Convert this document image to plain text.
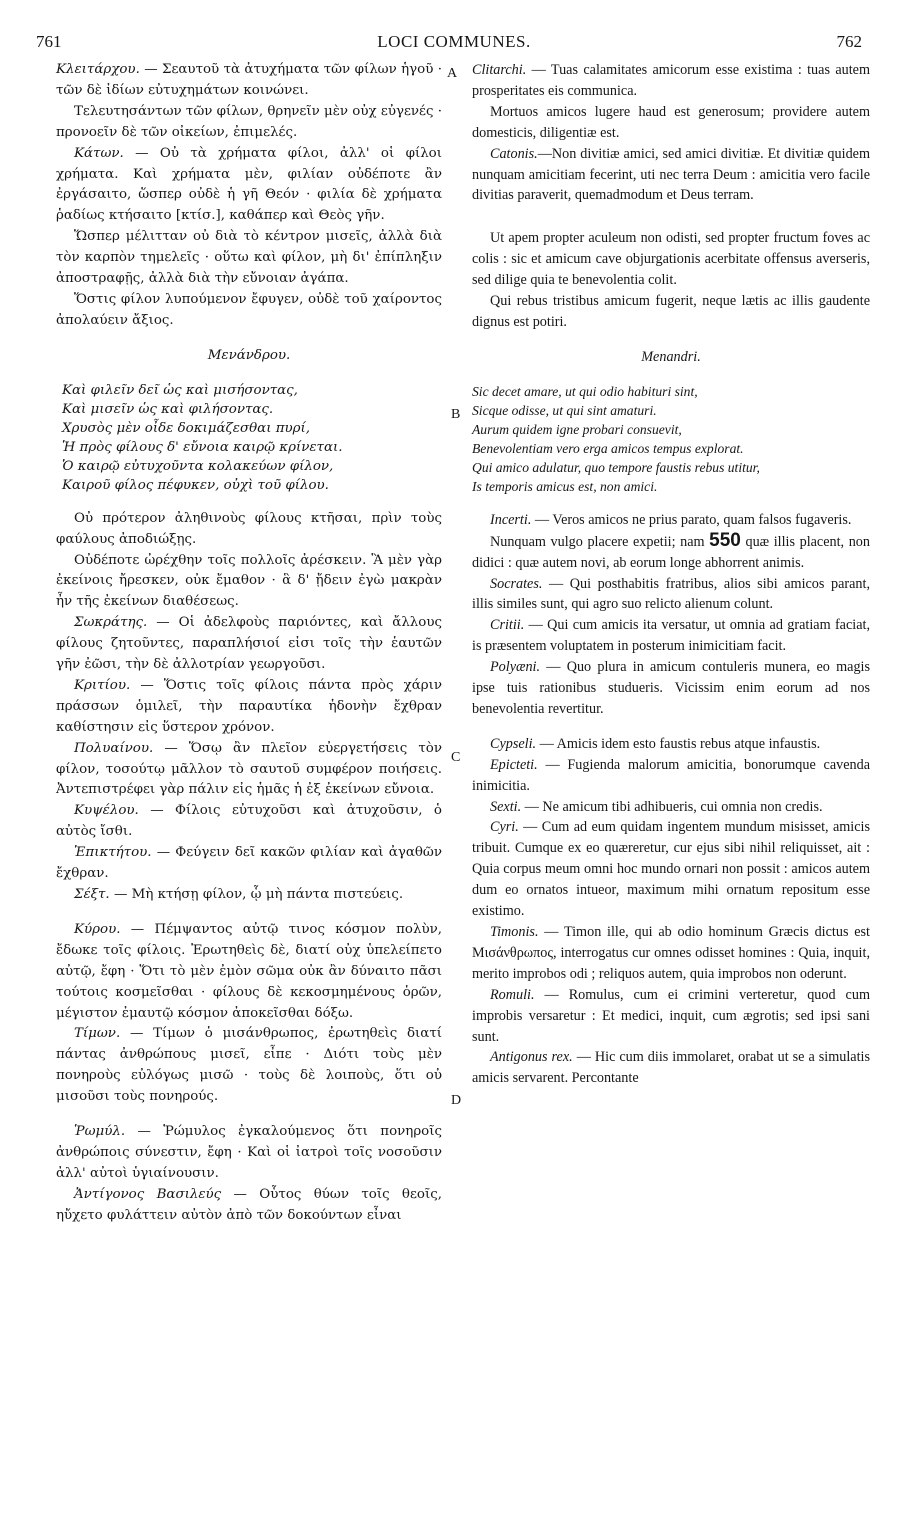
761	LOCI COMMUNES.	762
A
B
C
D

Κλειτάρχου. — Σεαυτοῦ τὰ ἀτυχήματα τῶν φίλων ἡγοῦ · τῶν δὲ ἰδίων εὐτυχημάτων κοινώνει.

Τελευτησάντων τῶν φίλων, θρηνεῖν μὲν οὐχ εὐγενές · προνοεῖν δὲ τῶν οἰκείων, ἐπιμελές.

Κάτων. — Οὐ τὰ χρήματα φίλοι, ἀλλ' οἱ φίλοι χρήματα. Καὶ χρήματα μὲν, φιλίαν οὐδέποτε ἂν ἐργάσαιτο, ὥσπερ οὐδὲ ἡ γῆ Θεόν · φιλία δὲ χρήματα ῥαδίως κτήσαιτο [κτίσ.], καθάπερ καὶ Θεὸς γῆν.

Ὥσπερ μέλιτταν οὐ διὰ τὸ κέντρον μισεῖς, ἀλλὰ διὰ τὸν καρπὸν τημελεῖς · οὕτω καὶ φίλον, μὴ δι' ἐπίπληξιν ἀποστραφῇς, ἀλλὰ διὰ τὴν εὔνοιαν ἀγάπα.

Ὅστις φίλον λυπούμενον ἔφυγεν, οὐδὲ τοῦ χαίροντος ἀπολαύειν ἄξιος.

Μενάνδρου.

Καὶ φιλεῖν δεῖ ὡς καὶ μισήσοντας,

Καὶ μισεῖν ὡς καὶ φιλήσοντας.

Χρυσὸς μὲν οἶδε δοκιμάζεσθαι πυρί,

Ἡ πρὸς φίλους δ' εὔνοια καιρῷ κρίνεται.

Ὁ καιρῷ εὐτυχοῦντα κολακεύων φίλον,

Καιροῦ φίλος πέφυκεν, οὐχὶ τοῦ φίλου.

Οὐ πρότερον ἀληθινοὺς φίλους κτῆσαι, πρὶν τοὺς φαύλους ἀποδιώξῃς.

Οὐδέποτε ὠρέχθην τοῖς πολλοῖς ἀρέσκειν. Ἃ μὲν γὰρ ἐκείνοις ἤρεσκεν, οὐκ ἔμαθον · ἃ δ' ᾔδειν ἐγὼ μακρὰν ἦν τῆς ἐκείνων διαθέσεως.

Σωκράτης. — Οἱ ἀδελφοὺς παριόντες, καὶ ἄλλους φίλους ζητοῦντες, παραπλήσιοί εἰσι τοῖς τὴν ἑαυτῶν γῆν ἐῶσι, τὴν δὲ ἀλλοτρίαν γεωργοῦσι.

Κριτίου. — Ὅστις τοῖς φίλοις πάντα πρὸς χάριν πράσσων ὁμιλεῖ, τὴν παραυτίκα ἡδονὴν ἔχθραν καθίστησιν εἰς ὕστερον χρόνον.

Πολυαίνου. — Ὅσῳ ἂν πλεῖον εὐεργετήσεις τὸν φίλον, τοσούτῳ μᾶλλον τὸ σαυτοῦ συμφέρον ποιήσεις. Ἀντεπιστρέφει γὰρ πάλιν εἰς ἡμᾶς ἡ ἐξ ἐκείνων εὔνοια.

Κυψέλου. — Φίλοις εὐτυχοῦσι καὶ ἀτυχοῦσιν, ὁ αὐτὸς ἴσθι.

Ἐπικτήτου. — Φεύγειν δεῖ κακῶν φιλίαν καὶ ἀγαθῶν ἔχθραν.

Σέξτ. — Μὴ κτήσῃ φίλον, ᾧ μὴ πάντα πιστεύεις.

Κύρου. — Πέμψαντος αὐτῷ τινος κόσμον πολὺν, ἔδωκε τοῖς φίλοις. Ἐρωτηθεὶς δὲ, διατί οὐχ ὑπελείπετο αὐτῷ, ἔφη · Ὅτι τὸ μὲν ἐμὸν σῶμα οὐκ ἂν δύναιτο πᾶσι τούτοις κοσμεῖσθαι · φίλους δὲ κεκοσμημένους ὁρῶν, μέγιστον ἐμαυτῷ κόσμον ἀποκεῖσθαι δόξω.

Τίμων. — Τίμων ὁ μισάνθρωπος, ἐρωτηθεὶς διατί πάντας ἀνθρώπους μισεῖ, εἶπε · Διότι τοὺς μὲν πονηροὺς εὐλόγως μισῶ · τοὺς δὲ λοιποὺς, ὅτι οὐ μισοῦσι τοὺς πονηρούς.

Ῥωμύλ. — Ῥώμυλος ἐγκαλούμενος ὅτι πονηροῖς ἀνθρώποις σύνεστιν, ἔφη · Καὶ οἱ ἰατροὶ τοῖς νοσοῦσιν ἀλλ' αὐτοὶ ὑγιαίνουσιν.

Ἀντίγονος Βασιλεύς — Οὗτος θύων τοῖς θεοῖς, ηὔχετο φυλάττειν αὐτὸν ἀπὸ τῶν δοκούντων εἶναι

Clitarchi. — Tuas calamitates amicorum esse existima : tuas autem prosperitates eis communica.

Mortuos amicos lugere haud est generosum; providere autem domesticis, diligentiæ est.

Catonis.—Non divitiæ amici, sed amici divitiæ. Et divitiæ quidem nunquam amicitiam fecerint, uti nec terra Deum : amicitia vero facile divitias paraverit, quemadmodum et Deus terram.

Ut apem propter aculeum non odisti, sed propter fructum foves ac colis : sic et amicum cave objurgationis acerbitate offensus averseris, sed dilige quia te benevolentia colit.

Qui rebus tristibus amicum fugerit, neque lætis ac illis gaudente dignus est potiri.

Menandri.

Sic decet amare, ut qui odio habituri sint,

Sicque odisse, ut qui sint amaturi.

Aurum quidem igne probari consuevit,

Benevolentiam vero erga amicos tempus explorat.

Qui amico adulatur, quo tempore faustis rebus utitur,

Is temporis amicus est, non amici.

Incerti. — Veros amicos ne prius parato, quam falsos fugaveris.

Nunquam vulgo placere expetii; nam 550 quæ illis placent, non didici : quæ autem novi, ab eorum longe abhorrent animis.

Socrates. — Qui posthabitis fratribus, alios sibi amicos parant, illis similes sunt, qui agro suo relicto alienum colunt.

Critii. — Qui cum amicis ita versatur, ut omnia ad gratiam faciat, is præsentem voluptatem in posterum inimicitiam facit.

Polyæni. — Quo plura in amicum contuleris munera, eo magis ipse tuis rationibus studueris. Vicissim enim eorum ad nos benevolentia revertitur.

Cypseli. — Amicis idem esto faustis rebus atque infaustis.

Epicteti. — Fugienda malorum amicitia, bonorumque cavenda inimicitia.

Sexti. — Ne amicum tibi adhibueris, cui omnia non credis.

Cyri. — Cum ad eum quidam ingentem mundum misisset, amicis tribuit. Cumque ex eo quæreretur, cur ejus sibi nihil reliquisset, ait : Quia corpus meum omni hoc mundo ornari non possit : amicos autem dum eo ornatos intueor, maximum mihi ornatum repositum esse existimo.

Timonis. — Timon ille, qui ab odio hominum Græcis dictus est Μισάνθρωπος, interrogatus cur omnes odisset homines : Quia, inquit, merito improbos odi ; reliquos autem, quia improbos non oderunt.

Romuli. — Romulus, cum ei crimini verteretur, quod cum improbis versaretur : Et medici, inquit, cum ægrotis; sed ipsi sani sunt.

Antigonus rex. — Hic cum diis immolaret, orabat ut se a simulatis amicis servarent. Percontante
